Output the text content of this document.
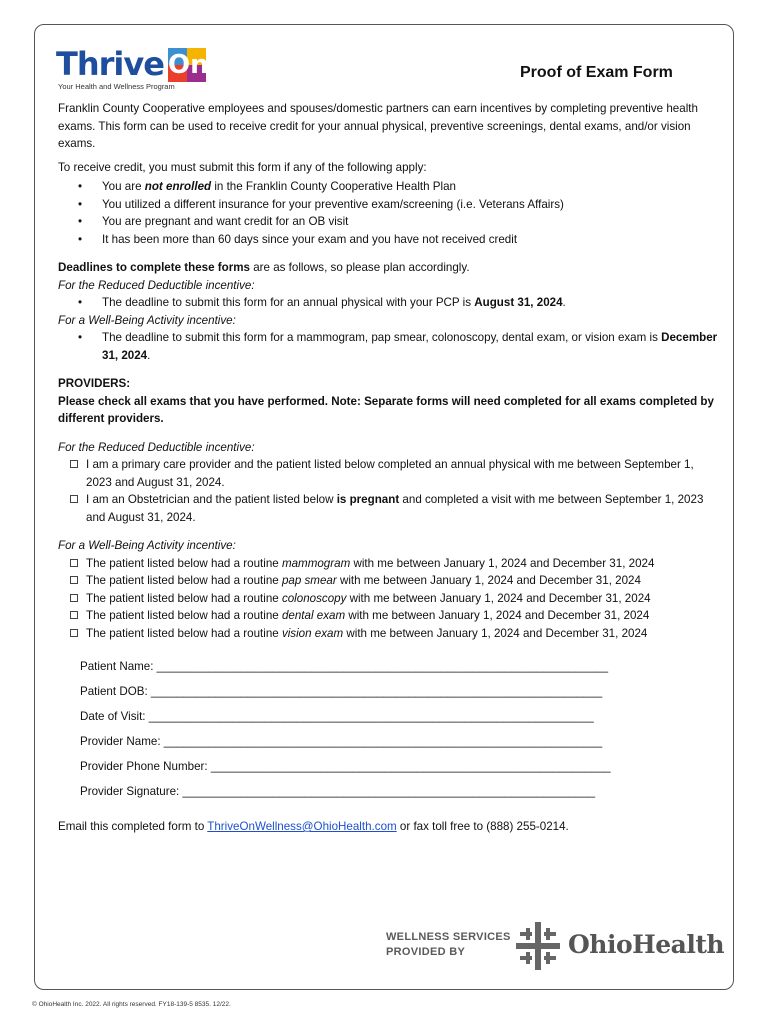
Thrive On
Your Health and Wellness Program
Proof of Exam Form

Franklin County Cooperative employees and spouses/domestic partners can earn incentives by completing preventive health exams. This form can be used to receive credit for your annual physical, preventive screenings, dental exams, and/or vision exams.

To receive credit, you must submit this form if any of the following apply:

• You are not enrolled in the Franklin County Cooperative Health Plan
• You utilized a different insurance for your preventive exam/screening (i.e. Veterans Affairs)
• You are pregnant and want credit for an OB visit
• It has been more than 60 days since your exam and you have not received credit

Deadlines to complete these forms are as follows, so please plan accordingly.

For the Reduced Deductible incentive:

• The deadline to submit this form for an annual physical with your PCP is August 31, 2024.

For a Well-Being Activity incentive:

• The deadline to submit this form for a mammogram, pap smear, colonoscopy, dental exam, or vision exam is December 31, 2024.

PROVIDERS:

Please check all exams that you have performed. Note: Separate forms will need completed for all exams completed by different providers.

For the Reduced Deductible incentive:

I am a primary care provider and the patient listed below completed an annual physical with me between September 1, 2023 and August 31, 2024.
I am an Obstetrician and the patient listed below is pregnant and completed a visit with me between September 1, 2023 and August 31, 2024.

For a Well-Being Activity incentive:

The patient listed below had a routine mammogram with me between January 1, 2024 and December 31, 2024
The patient listed below had a routine pap smear with me between January 1, 2024 and December 31, 2024
The patient listed below had a routine colonoscopy with me between January 1, 2024 and December 31, 2024
The patient listed below had a routine dental exam with me between January 1, 2024 and December 31, 2024
The patient listed below had a routine vision exam with me between January 1, 2024 and December 31, 2024
Patient Name: ______________________________________________________________________
Patient DOB: ______________________________________________________________________
Date of Visit: _____________________________________________________________________
Provider Name: ____________________________________________________________________
Provider Phone Number: ______________________________________________________________
Provider Signature: ________________________________________________________________

Email this completed form to ThriveOnWellness@OhioHealth.com or fax toll free to (888) 255-0214.

WELLNESS SERVICES
PROVIDED BY	OhioHealth
© OhioHealth Inc. 2022. All rights reserved. FY18-139-5 8535. 12/22.
